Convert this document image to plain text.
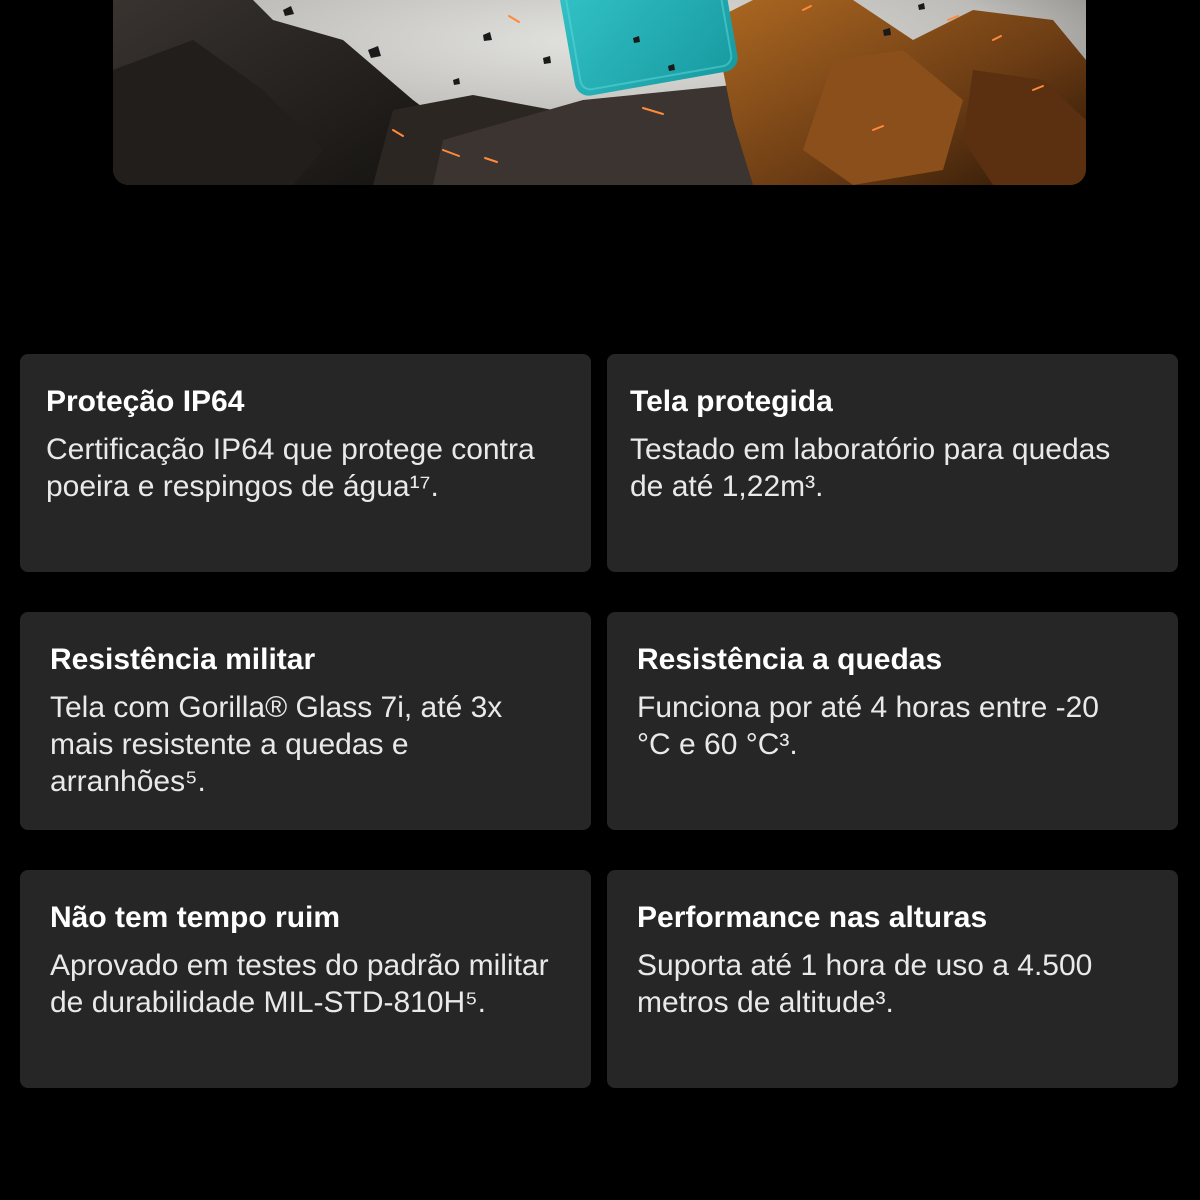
Proteção IP64

Certificação IP64 que protege contra poeira e respingos de água¹⁷.

Tela protegida

Testado em laboratório para quedas de até 1,22m³.

Resistência militar

Tela com Gorilla® Glass 7i, até 3x mais resistente a quedas e arranhões⁵.

Resistência a quedas

Funciona por até 4 horas entre -20 °C e 60 °C³.

Não tem tempo ruim

Aprovado em testes do padrão militar de durabilidade MIL-STD-810H⁵.

Performance nas alturas

Suporta até 1 hora de uso a 4.500 metros de altitude³.
